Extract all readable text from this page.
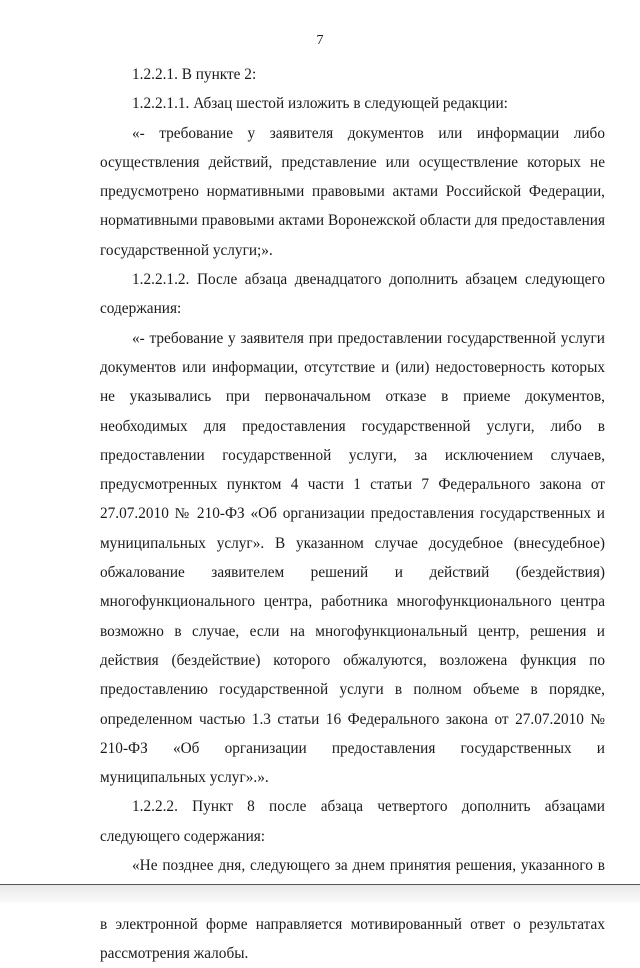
7

1.2.2.1. В пункте 2:

1.2.2.1.1. Абзац шестой изложить в следующей редакции:

«- требование у заявителя документов или информации либо осуществления действий, представление или осуществление которых не предусмотрено нормативными правовыми актами Российской Федерации, нормативными правовыми актами Воронежской области для предоставления государственной услуги;».

1.2.2.1.2. После абзаца двенадцатого дополнить абзацем следующего содержания:

«- требование у заявителя при предоставлении государственной услуги документов или информации, отсутствие и (или) недостоверность которых не указывались при первоначальном отказе в приеме документов, необходимых для предоставления государственной услуги, либо в предоставлении государственной услуги, за исключением случаев, предусмотренных пунктом 4 части 1 статьи 7 Федерального закона от 27.07.2010 № 210-ФЗ «Об организации предоставления государственных и муниципальных услуг». В указанном случае досудебное (внесудебное) обжалование заявителем решений и действий (бездействия) многофункционального центра, работника многофункционального центра возможно в случае, если на многофункциональный центр, решения и действия (бездействие) которого обжалуются, возложена функция по предоставлению государственной услуги в полном объеме в порядке, определенном частью 1.3 статьи 16 Федерального закона от 27.07.2010 № 210-ФЗ «Об организации предоставления государственных и муниципальных услуг».».

1.2.2.2. Пункт 8 после абзаца четвертого дополнить абзацами следующего содержания:

«Не позднее дня, следующего за днем принятия решения, указанного в в электронной форме направляется мотивированный ответ о результатах рассмотрения жалобы.
